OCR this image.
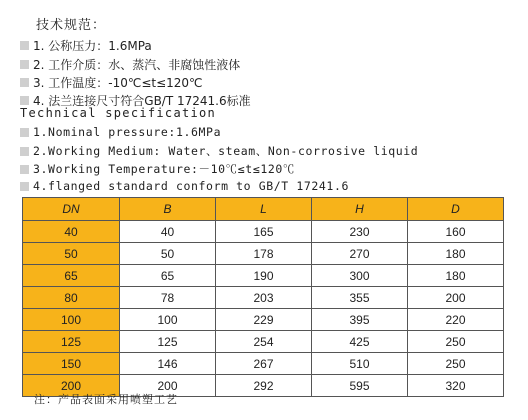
技术规范：
1. 公称压力：1.6MPa
2. 工作介质：水、蒸汽、非腐蚀性液体
3. 工作温度：-10℃≤t≤120℃
4. 法兰连接尺寸符合GB/T 17241.6标准
Technical specification
1.Nominal pressure:1.6MPa
2.Working Medium: Water、steam、Non-corrosive liquid
3.Working Temperature:－10℃≤t≤120℃
4.flanged standard conform to GB/T 17241.6
DN	B	L	H	D
40	40	165	230	160
50	50	178	270	180
65	65	190	300	180
80	78	203	355	200
100	100	229	395	220
125	125	254	425	250
150	146	267	510	250
200	200	292	595	320
注：产品表面采用喷塑工艺
